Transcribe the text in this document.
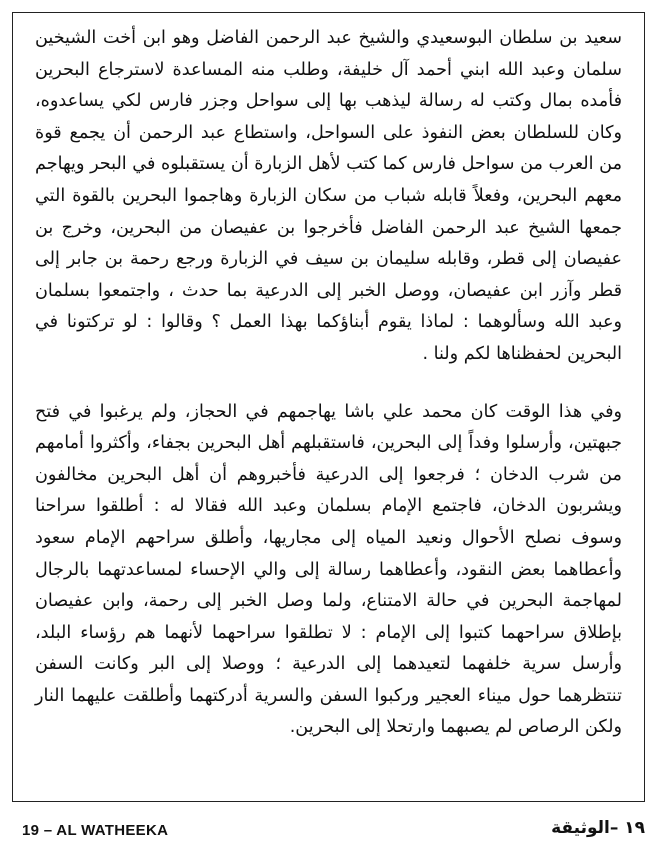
سعيد بن سلطان البوسعيدي والشيخ عبد الرحمن الفاضل وهو ابن أخت الشيخين سلمان وعبد الله ابني أحمد آل خليفة، وطلب منه المساعدة لاسترجاع البحرين فأمده بمال وكتب له رسالة ليذهب بها إلى سواحل وجزر فارس لكي يساعدوه، وكان للسلطان بعض النفوذ على السواحل، واستطاع عبد الرحمن أن يجمع قوة من العرب من سواحل فارس كما كتب لأهل الزبارة أن يستقبلوه في البحر ويهاجم معهم البحرين، وفعلاً قابله شباب من سكان الزبارة وهاجموا البحرين بالقوة التي جمعها الشيخ عبد الرحمن الفاضل فأخرجوا بن عفيصان من البحرين، وخرج بن عفيصان إلى قطر، وقابله سليمان بن سيف في الزبارة ورجع رحمة بن جابر إلى قطر وآزر ابن عفيصان، ووصل الخبر إلى الدرعية بما حدث ، واجتمعوا بسلمان وعبد الله وسألوهما : لماذا يقوم أبناؤكما بهذا العمل ؟ وقالوا : لو تركتونا في البحرين لحفظناها لكم ولنا .

وفي هذا الوقت كان محمد علي باشا يهاجمهم في الحجاز، ولم يرغبوا في فتح جبهتين، وأرسلوا وفداً إلى البحرين، فاستقبلهم أهل البحرين بجفاء، وأكثروا أمامهم من شرب الدخان ؛ فرجعوا إلى الدرعية فأخبروهم أن أهل البحرين مخالفون ويشربون الدخان، فاجتمع الإمام بسلمان وعبد الله فقالا له : أطلقوا سراحنا وسوف نصلح الأحوال ونعيد المياه إلى مجاريها، وأطلق سراحهم الإمام سعود وأعطاهما بعض النقود، وأعطاهما رسالة إلى والي الإحساء لمساعدتهما بالرجال لمهاجمة البحرين في حالة الامتناع، ولما وصل الخبر إلى رحمة، وابن عفيصان بإطلاق سراحهما كتبوا إلى الإمام : لا تطلقوا سراحهما لأنهما هم رؤساء البلد، وأرسل سرية خلفهما لتعيدهما إلى الدرعية ؛ ووصلا إلى البر وكانت السفن تنتظرهما حول ميناء العجير وركبوا السفن والسرية أدركتهما وأطلقت عليهما النار ولكن الرصاص لم يصبهما وارتحلا إلى البحرين.

19 – AL WATHEEKA	١٩ –الوثيقة
